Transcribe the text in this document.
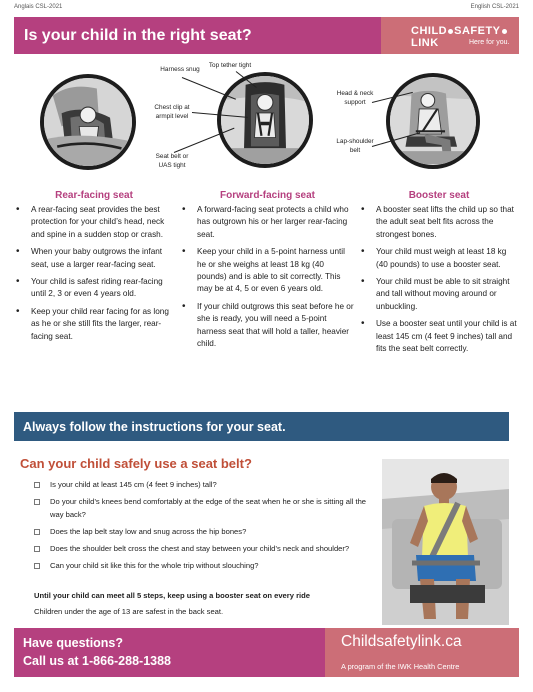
Anglais CSL-2021	English CSL-2021
Is your child in the right seat?	CHILD SAFETYLINK	Here for you.
Harness snug
Top tether tight
Chest clip at
armpit level
Seat belt or
UAS tight
Head & neck
support
Lap-shoulder
belt
Rear-facing seat
• A rear-facing seat provides the best protection for your child’s head, neck and spine in a sudden stop or crash.
• When your baby outgrows the infant seat, use a larger rear-facing seat.
• Your child is safest riding rear-facing until 2, 3 or even 4 years old.
• Keep your child rear facing for as long as he or she still fits the larger, rear-facing seat.
Forward-facing seat
• A forward-facing seat protects a child who has outgrown his or her larger rear-facing seat.
• Keep your child in a 5-point harness until he or she weighs at least 18 kg (40 pounds) and is able to sit correctly. This may be at 4, 5 or even 6 years old.
• If your child outgrows this seat before he or she is ready, you will need a 5-point harness seat that will hold a taller, heavier child.
Booster seat
• A booster seat lifts the child up so that the adult seat belt fits across the strongest bones.
• Your child must weigh at least 18 kg (40 pounds) to use a booster seat.
• Your child must be able to sit straight and tall without moving around or unbuckling.
• Use a booster seat until your child is at least 145 cm (4 feet 9 inches) tall and fits the seat belt correctly.
Always follow the instructions for your seat.
Can your child safely use a seat belt?
Is your child at least 145 cm (4 feet 9 inches) tall?
Do your child’s knees bend comfortably at the edge of the seat when he or she is sitting all the way back?
Does the lap belt stay low and snug across the hip bones?
Does the shoulder belt cross the chest and stay between your child’s neck and shoulder?
Can your child sit like this for the whole trip without slouching?
Until your child can meet all 5 steps, keep using a booster seat on every ride
Children under the age of 13 are safest in the back seat.
Have questions?
Call us at 1-866-288-1388
Childsafetylink.ca
A program of the IWK Health Centre
